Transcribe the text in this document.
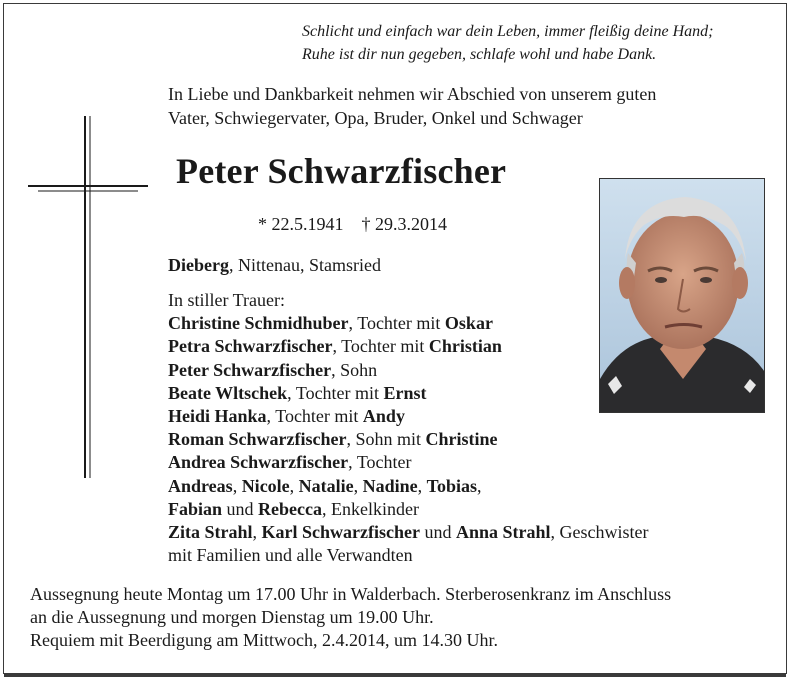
Schlicht und einfach war dein Leben, immer fleißig deine Hand;
Ruhe ist dir nun gegeben, schlafe wohl und habe Dank.
In Liebe und Dankbarkeit nehmen wir Abschied von unserem guten
Vater, Schwiegervater, Opa, Bruder, Onkel und Schwager
Peter Schwarzfischer
* 22.5.1941 † 29.3.2014
Dieberg, Nittenau, Stamsried
In stiller Trauer:
Christine Schmidhuber, Tochter mit Oskar
Petra Schwarzfischer, Tochter mit Christian
Peter Schwarzfischer, Sohn
Beate Wltschek, Tochter mit Ernst
Heidi Hanka, Tochter mit Andy
Roman Schwarzfischer, Sohn mit Christine
Andrea Schwarzfischer, Tochter
Andreas, Nicole, Natalie, Nadine, Tobias,
Fabian und Rebecca, Enkelkinder
Zita Strahl, Karl Schwarzfischer und Anna Strahl, Geschwister
mit Familien und alle Verwandten
Aussegnung heute Montag um 17.00 Uhr in Walderbach. Sterberosenkranz im Anschluss
an die Aussegnung und morgen Dienstag um 19.00 Uhr.
Requiem mit Beerdigung am Mittwoch, 2.4.2014, um 14.30 Uhr.
